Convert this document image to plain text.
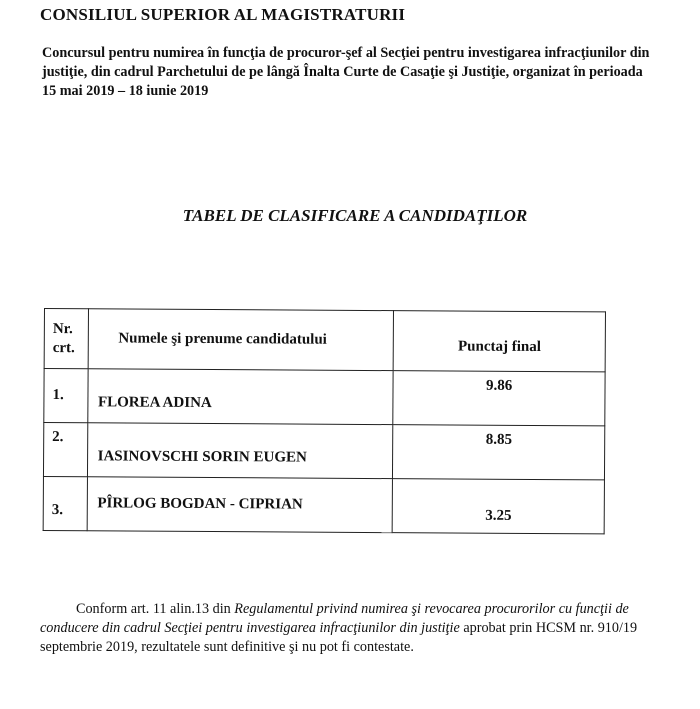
CONSILIUL SUPERIOR AL MAGISTRATURII
Concursul pentru numirea în funcţia de procuror-şef al Secţiei pentru investigarea infracţiunilor din justiţie, din cadrul Parchetului de pe lângă Înalta Curte de Casaţie şi Justiţie, organizat în perioada 15 mai 2019 – 18 iunie 2019
TABEL DE CLASIFICARE A CANDIDAŢILOR
Nr.
crt.	Numele şi prenume candidatului	Punctaj final
1.	FLOREA ADINA	9.86
2.	IASINOVSCHI SORIN EUGEN	8.85
3.	PÎRLOG BOGDAN - CIPRIAN	3.25
Conform art. 11 alin.13 din Regulamentul privind numirea şi revocarea procurorilor cu funcţii de conducere din cadrul Secţiei pentru investigarea infracţiunilor din justiţie aprobat prin HCSM nr. 910/19 septembrie 2019, rezultatele sunt definitive şi nu pot fi contestate.
